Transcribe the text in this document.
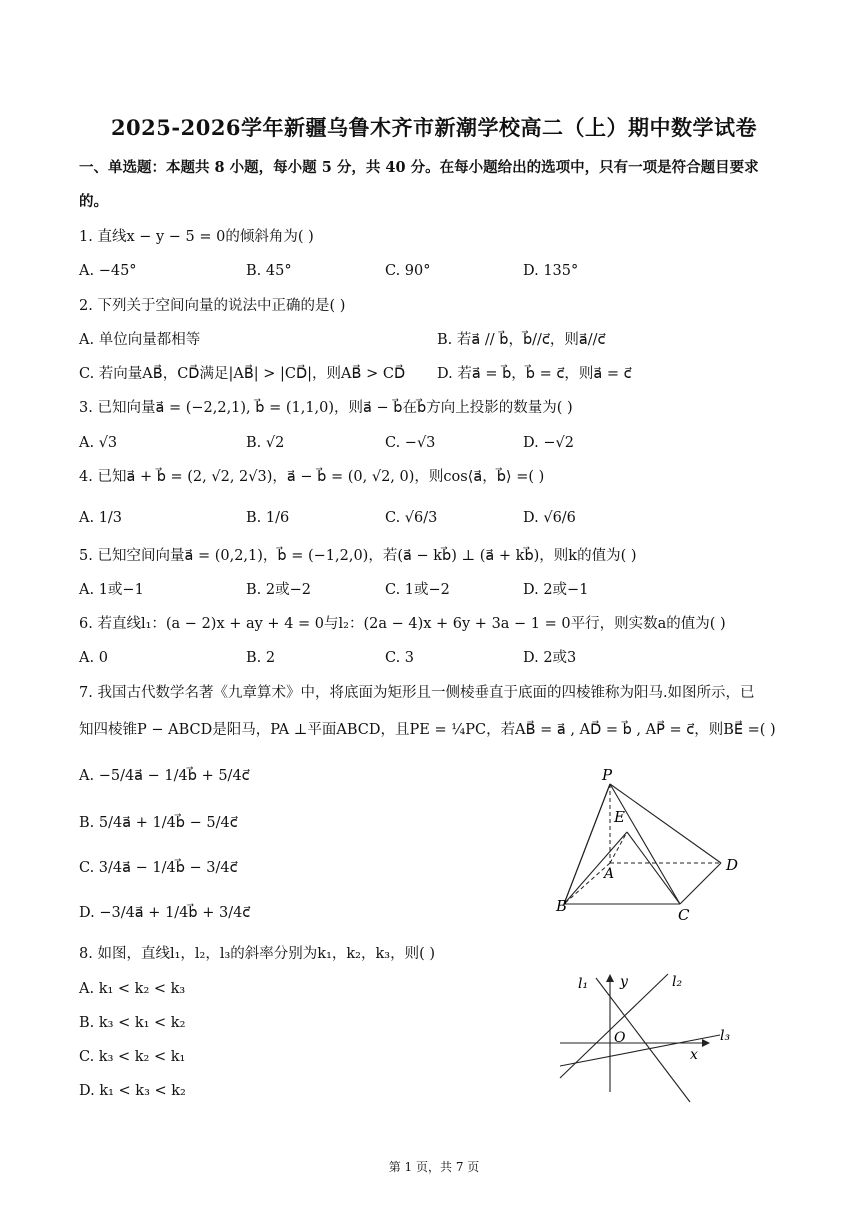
2025-2026学年新疆乌鲁木齐市新潮学校高二（上）期中数学试卷
一、单选题：本题共 8 小题，每小题 5 分，共 40 分。在每小题给出的选项中，只有一项是符合题目要求
的。
1. 直线x − y − 5 = 0的倾斜角为( )
A. −45°	B. 45°	C. 90°	D. 135°
2. 下列关于空间向量的说法中正确的是( )
A. 单位向量都相等	B. 若a⃗ // b⃗，b⃗//c⃗，则a⃗//c⃗
C. 若向量AB⃗，CD⃗满足|AB⃗| > |CD⃗|，则AB⃗ > CD⃗ D. 若a⃗ = b⃗，b⃗ = c⃗，则a⃗ = c⃗
3. 已知向量a⃗ = (−2,2,1), b⃗ = (1,1,0)，则a⃗ − b⃗在b⃗方向上投影的数量为( )
A. √3	B. √2	C. −√3	D. −√2
4. 已知a⃗ + b⃗ = (2, √2, 2√3)，a⃗ − b⃗ = (0, √2, 0)，则cos⟨a⃗，b⃗⟩ =( )
A. 1/3	B. 1/6	C. √6/3	D. √6/6
5. 已知空间向量a⃗ = (0,2,1)，b⃗ = (−1,2,0)，若(a⃗ − kb⃗) ⊥ (a⃗ + kb⃗)，则k的值为( )
A. 1或−1	B. 2或−2	C. 1或−2	D. 2或−1
6. 若直线l₁：(a − 2)x + ay + 4 = 0与l₂：(2a − 4)x + 6y + 3a − 1 = 0平行，则实数a的值为( )
A. 0	B. 2	C. 3	D. 2或3
7. 我国古代数学名著《九章算术》中，将底面为矩形且一侧棱垂直于底面的四棱锥称为阳马.如图所示，已
知四棱锥P − ABCD是阳马，PA ⊥平面ABCD，且PE = ¼PC，若AB⃗ = a⃗ , AD⃗ = b⃗ , AP⃗ = c⃗，则BE⃗ =( )
A. −5/4a⃗ − 1/4b⃗ + 5/4c⃗
B. 5/4a⃗ + 1/4b⃗ − 5/4c⃗
C. 3/4a⃗ − 1/4b⃗ − 3/4c⃗
D. −3/4a⃗ + 1/4b⃗ + 3/4c⃗
P
E
A
B	C
D
8. 如图，直线l₁，l₂，l₃的斜率分别为k₁，k₂，k₃，则( )
A. k₁ < k₂ < k₃
B. k₃ < k₁ < k₂
C. k₃ < k₂ < k₁
D. k₁ < k₃ < k₂
l₁ y	l₂
O	l₃
x
第 1 页，共 7 页
